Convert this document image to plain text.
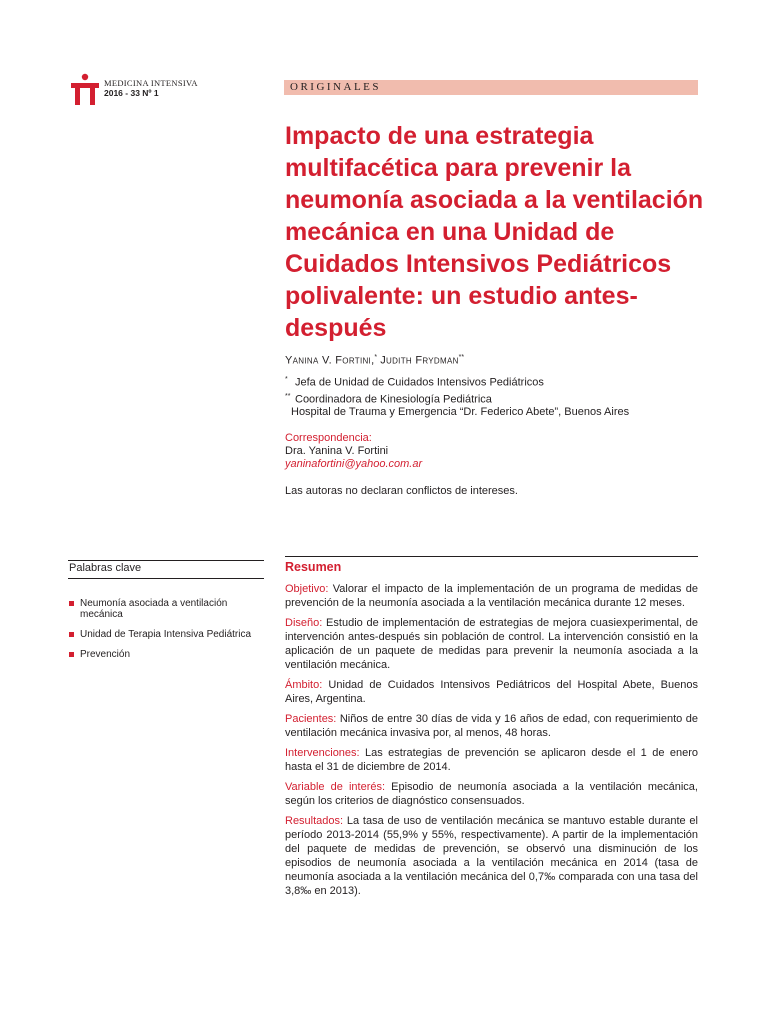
MEDICINA INTENSIVA
2016 - 33 Nº 1	ORIGINALES
Impacto de una estrategia multifacética para prevenir la neumonía asociada a la ventilación mecánica en una Unidad de Cuidados Intensivos Pediátricos polivalente: un estudio antes-después
Yanina V. Fortini,* Judith Frydman**
* Jefa de Unidad de Cuidados Intensivos Pediátricos
** Coordinadora de Kinesiología Pediátrica
Hospital de Trauma y Emergencia “Dr. Federico Abete”, Buenos Aires
Correspondencia:
Dra. Yanina V. Fortini
yaninafortini@yahoo.com.ar
Las autoras no declaran conflictos de intereses.
Palabras clave
Neumonía asociada a ventilación mecánica
Unidad de Terapia Intensiva Pediátrica
Prevención
Resumen

Objetivo: Valorar el impacto de la implementación de un programa de medidas de prevención de la neumonía asociada a la ventilación mecánica durante 12 meses.

Diseño: Estudio de implementación de estrategias de mejora cuasiexperimental, de intervención antes-después sin población de control. La intervención consistió en la aplicación de un paquete de medidas para prevenir la neumonía asociada a la ventilación mecánica.

Ámbito: Unidad de Cuidados Intensivos Pediátricos del Hospital Abete, Buenos Aires, Argentina.

Pacientes: Niños de entre 30 días de vida y 16 años de edad, con requerimiento de ventilación mecánica invasiva por, al menos, 48 horas.

Intervenciones: Las estrategias de prevención se aplicaron desde el 1 de enero hasta el 31 de diciembre de 2014.

Variable de interés: Episodio de neumonía asociada a la ventilación mecánica, según los criterios de diagnóstico consensuados.

Resultados: La tasa de uso de ventilación mecánica se mantuvo estable durante el período 2013-2014 (55,9% y 55%, respectivamente). A partir de la implementación del paquete de medidas de prevención, se observó una disminución de los episodios de neumonía asociada a la ventilación mecánica en 2014 (tasa de neumonía asociada a la ventilación mecánica del 0,7‰ comparada con una tasa del 3,8‰ en 2013).
